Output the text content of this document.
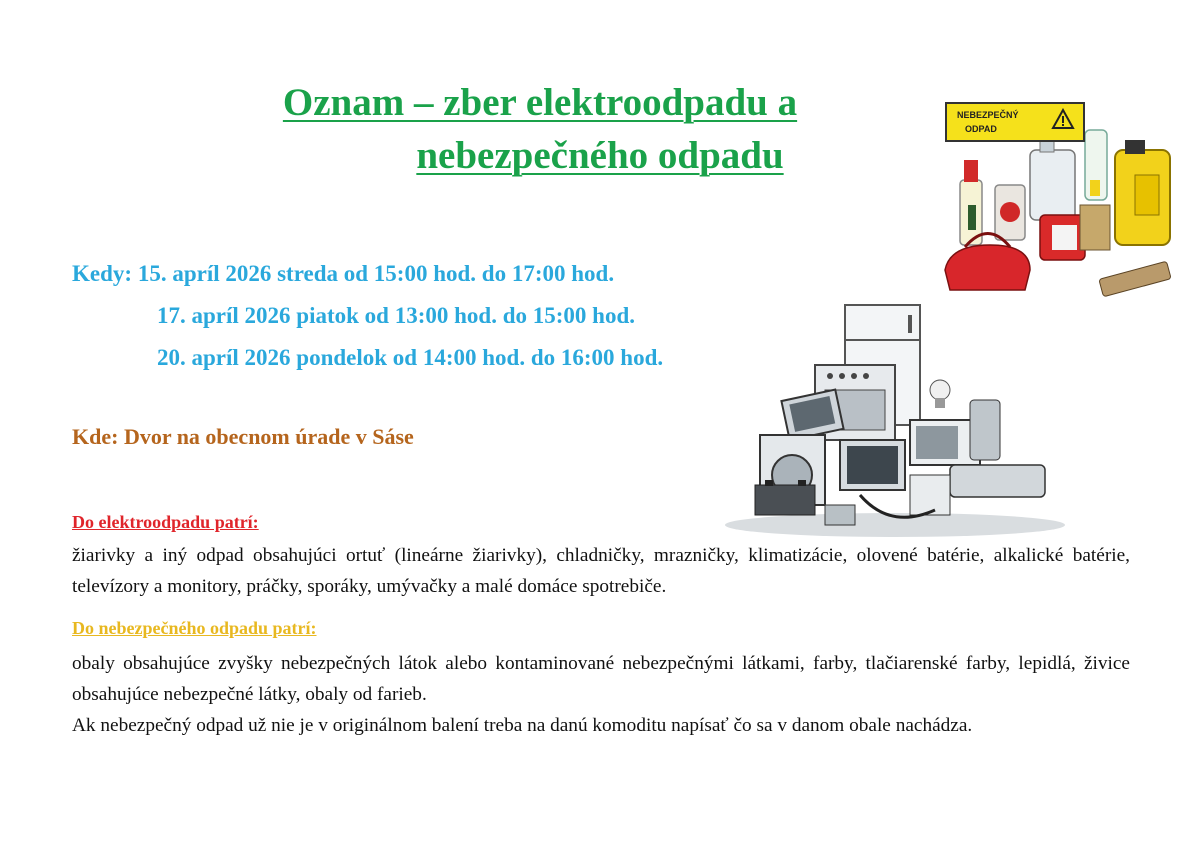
Oznam – zber elektroodpadu a
nebezpečného odpadu
NEBEZPEČNÝ
ODPAD
Kedy: 15. apríl 2026 streda od 15:00 hod. do 17:00 hod.
17. apríl 2026 piatok od 13:00 hod. do 15:00 hod.
20. apríl 2026 pondelok od 14:00 hod. do 16:00 hod.
Kde: Dvor na obecnom úrade v Sáse
Do elektroodpadu patrí:
žiarivky a iný odpad obsahujúci ortuť (lineárne žiarivky), chladničky, mrazničky, klimatizácie, olovené batérie, alkalické batérie, televízory a monitory, práčky, sporáky, umývačky a malé domáce spotrebiče.
Do nebezpečného odpadu patrí:
obaly obsahujúce zvyšky nebezpečných látok alebo kontaminované nebezpečnými látkami, farby, tlačiarenské farby, lepidlá, živice obsahujúce nebezpečné látky, obaly od farieb.
Ak nebezpečný odpad už nie je v originálnom balení treba na danú komoditu napísať čo sa v danom obale nachádza.
